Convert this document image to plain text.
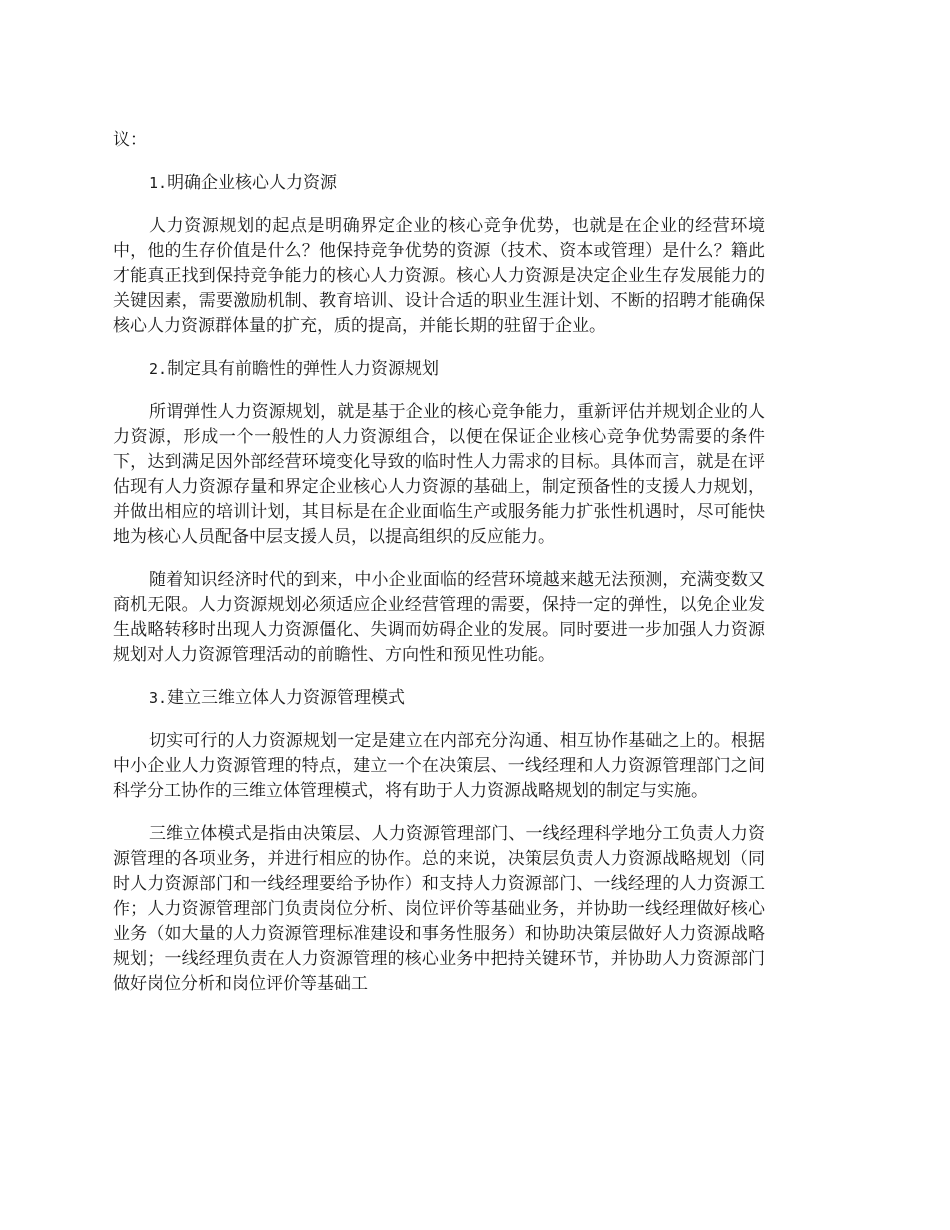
议：

1.明确企业核心人力资源

人力资源规划的起点是明确界定企业的核心竞争优势，也就是在企业的经营环境中，他的生存价值是什么？他保持竞争优势的资源（技术、资本或管理）是什么？籍此才能真正找到保持竞争能力的核心人力资源。核心人力资源是决定企业生存发展能力的关键因素，需要激励机制、教育培训、设计合适的职业生涯计划、不断的招聘才能确保核心人力资源群体量的扩充，质的提高，并能长期的驻留于企业。

2.制定具有前瞻性的弹性人力资源规划

所谓弹性人力资源规划，就是基于企业的核心竞争能力，重新评估并规划企业的人力资源，形成一个一般性的人力资源组合，以便在保证企业核心竞争优势需要的条件下，达到满足因外部经营环境变化导致的临时性人力需求的目标。具体而言，就是在评估现有人力资源存量和界定企业核心人力资源的基础上，制定预备性的支援人力规划，并做出相应的培训计划，其目标是在企业面临生产或服务能力扩张性机遇时，尽可能快地为核心人员配备中层支援人员，以提高组织的反应能力。

随着知识经济时代的到来，中小企业面临的经营环境越来越无法预测，充满变数又商机无限。人力资源规划必须适应企业经营管理的需要，保持一定的弹性，以免企业发生战略转移时出现人力资源僵化、失调而妨碍企业的发展。同时要进一步加强人力资源规划对人力资源管理活动的前瞻性、方向性和预见性功能。

3.建立三维立体人力资源管理模式

切实可行的人力资源规划一定是建立在内部充分沟通、相互协作基础之上的。根据中小企业人力资源管理的特点，建立一个在决策层、一线经理和人力资源管理部门之间科学分工协作的三维立体管理模式，将有助于人力资源战略规划的制定与实施。

三维立体模式是指由决策层、人力资源管理部门、一线经理科学地分工负责人力资源管理的各项业务，并进行相应的协作。总的来说，决策层负责人力资源战略规划（同时人力资源部门和一线经理要给予协作）和支持人力资源部门、一线经理的人力资源工作；人力资源管理部门负责岗位分析、岗位评价等基础业务，并协助一线经理做好核心业务（如大量的人力资源管理标准建设和事务性服务）和协助决策层做好人力资源战略规划；一线经理负责在人力资源管理的核心业务中把持关键环节，并协助人力资源部门做好岗位分析和岗位评价等基础工
